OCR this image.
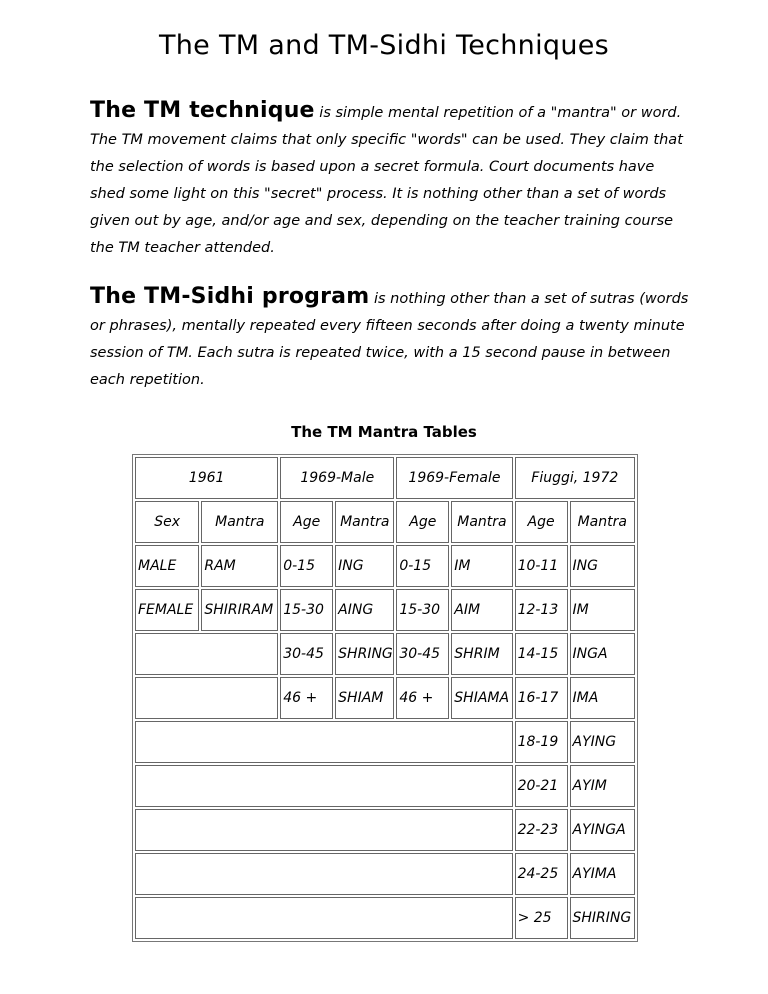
The TM and TM-Sidhi Techniques

The TM technique is simple mental repetition of a "mantra" or word. The TM movement claims that only specific "words" can be used. They claim that the selection of words is based upon a secret formula. Court documents have shed some light on this "secret" process. It is nothing other than a set of words given out by age, and/or age and sex, depending on the teacher training course the TM teacher attended.

The TM-Sidhi program is nothing other than a set of sutras (words or phrases), mentally repeated every fifteen seconds after doing a twenty minute session of TM. Each sutra is repeated twice, with a 15 second pause in between each repetition.

The TM Mantra Tables
1961		1969-Male		1969-Female		Fiuggi, 1972	
Sex	Mantra	Age	Mantra	Age	Mantra	Age	Mantra
MALE	RAM	0-15	ING	0-15	IM	10-11	ING
FEMALE	SHIRIRAM	15-30	AING	15-30	AIM	12-13	IM
		30-45	SHRING	30-45	SHRIM	14-15	INGA
		46 +	SHIAM	46 +	SHIAMA	16-17	IMA
						18-19	AYING
						20-21	AYIM
						22-23	AYINGA
						24-25	AYIMA
						> 25	SHIRING
